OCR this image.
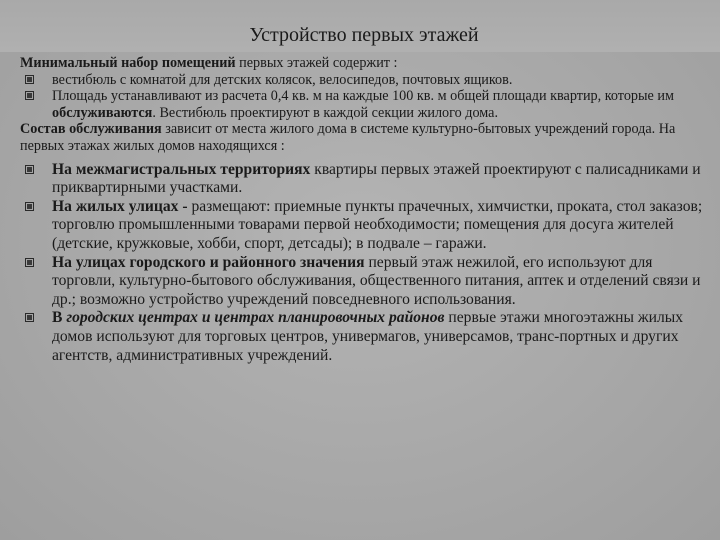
Устройство первых этажей

Минимальный набор помещений первых этажей содержит :

вестибюль с комнатой для детских колясок, велосипедов, почтовых ящиков.
Площадь устанавливают из расчета 0,4 кв. м на каждые 100 кв. м общей площади квартир, которые им обслуживаются. Вестибюль проектируют в каждой секции жилого дома.

Состав обслуживания зависит от места жилого дома в системе культурно-бытовых учреждений города. На первых этажах жилых домов находящихся :

На межмагистральных территориях квартиры первых этажей проектируют с палисадниками и приквартирными участками.
На жилых улицах - размещают: приемные пункты прачечных, химчистки, проката, стол заказов; торговлю промышленными товарами первой необходимости; помещения для досуга жителей (детские, кружковые, хобби, спорт, детсады); в подвале – гаражи.
На улицах городского и районного значения первый этаж нежилой, его используют для торговли, культурно-бытового обслуживания, общественного питания, аптек и отделений связи и др.; возможно устройство учреждений повседневного использования.
В городских центрах и центрах планировочных районов первые этажи многоэтажны жилых домов используют для торговых центров, универмагов, универсамов, транс-портных и других агентств, административных учреждений.
